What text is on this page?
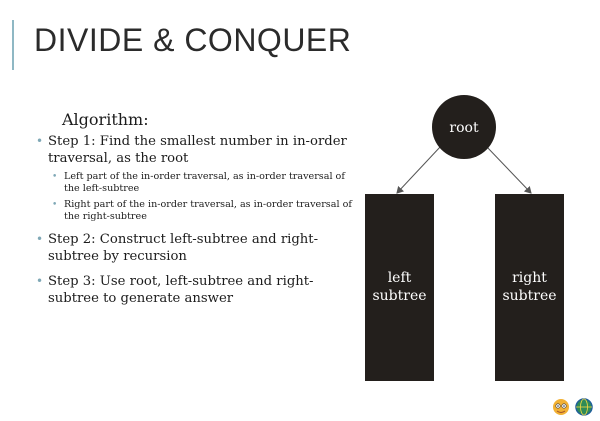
DIVIDE & CONQUER
Algorithm:
• Step 1: Find the smallest number in in-order traversal, as the root
• Left part of the in-order traversal, as in-order traversal of the left-subtree
• Right part of the in-order traversal, as in-order traversal of the right-subtree
• Step 2: Construct left-subtree and right-subtree by recursion
• Step 3: Use root, left-subtree and right-subtree to generate answer
root
left
subtree
right
subtree
